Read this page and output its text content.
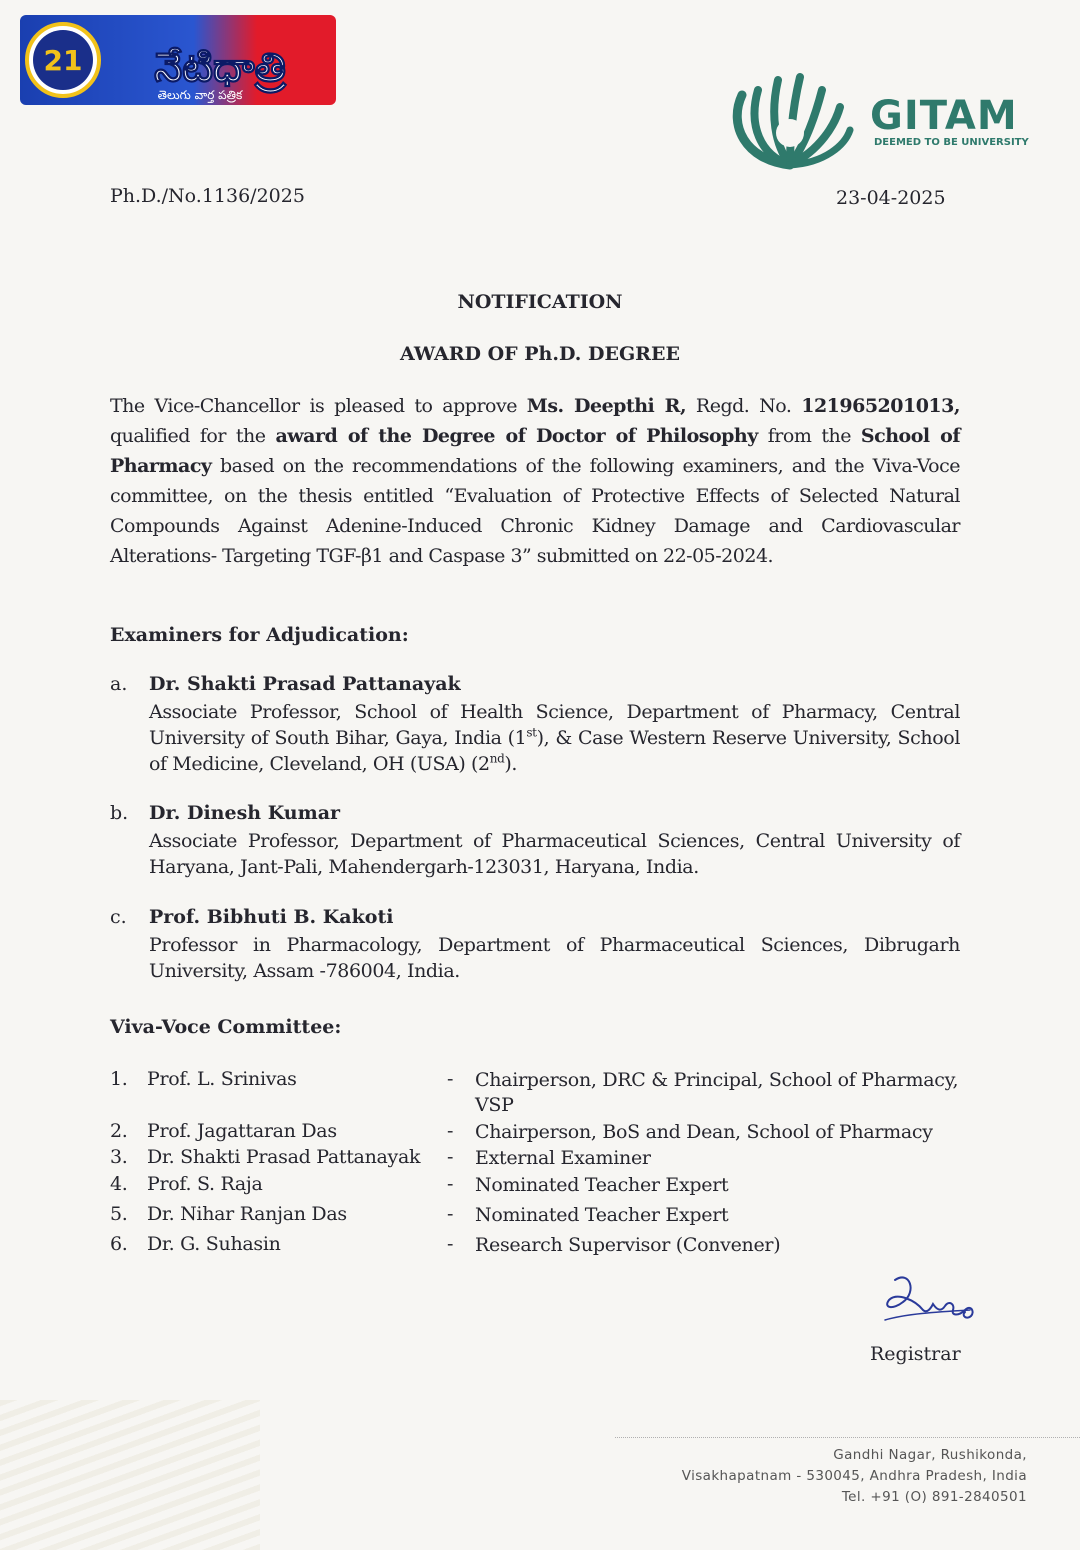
21 నేటిధాత్రి
తెలుగు వార్త పత్రిక	GITAM
DEEMED TO BE UNIVERSITY
Ph.D./No.1136/2025	23-04-2025
NOTIFICATION
AWARD OF Ph.D. DEGREE
The Vice-Chancellor is pleased to approve Ms. Deepthi R, Regd. No. 121965201013, qualified for the award of the Degree of Doctor of Philosophy from the School of Pharmacy based on the recommendations of the following examiners, and the Viva-Voce committee, on the thesis entitled “Evaluation of Protective Effects of Selected Natural Compounds Against Adenine-Induced Chronic Kidney Damage and Cardiovascular Alterations- Targeting TGF-β1 and Caspase 3” submitted on 22-05-2024.
Examiners for Adjudication:
a. Dr. Shakti Prasad Pattanayak
Associate Professor, School of Health Science, Department of Pharmacy, Central University of South Bihar, Gaya, India (1st), & Case Western Reserve University, School of Medicine, Cleveland, OH (USA) (2nd).
b. Dr. Dinesh Kumar
Associate Professor, Department of Pharmaceutical Sciences, Central University of Haryana, Jant-Pali, Mahendergarh-123031, Haryana, India.
c. Prof. Bibhuti B. Kakoti
Professor in Pharmacology, Department of Pharmaceutical Sciences, Dibrugarh University, Assam -786004, India.
Viva-Voce Committee:
1. Prof. L. Srinivas	- Chairperson, DRC & Principal, School of Pharmacy, VSP
2. Prof. Jagattaran Das	- Chairperson, BoS and Dean, School of Pharmacy
3. Dr. Shakti Prasad Pattanayak - External Examiner
4. Prof. S. Raja	- Nominated Teacher Expert
5. Dr. Nihar Ranjan Das	- Nominated Teacher Expert
6. Dr. G. Suhasin	- Research Supervisor (Convener)
Registrar
Gandhi Nagar, Rushikonda,
Visakhapatnam - 530045, Andhra Pradesh, India
Tel. +91 (O) 891-2840501
